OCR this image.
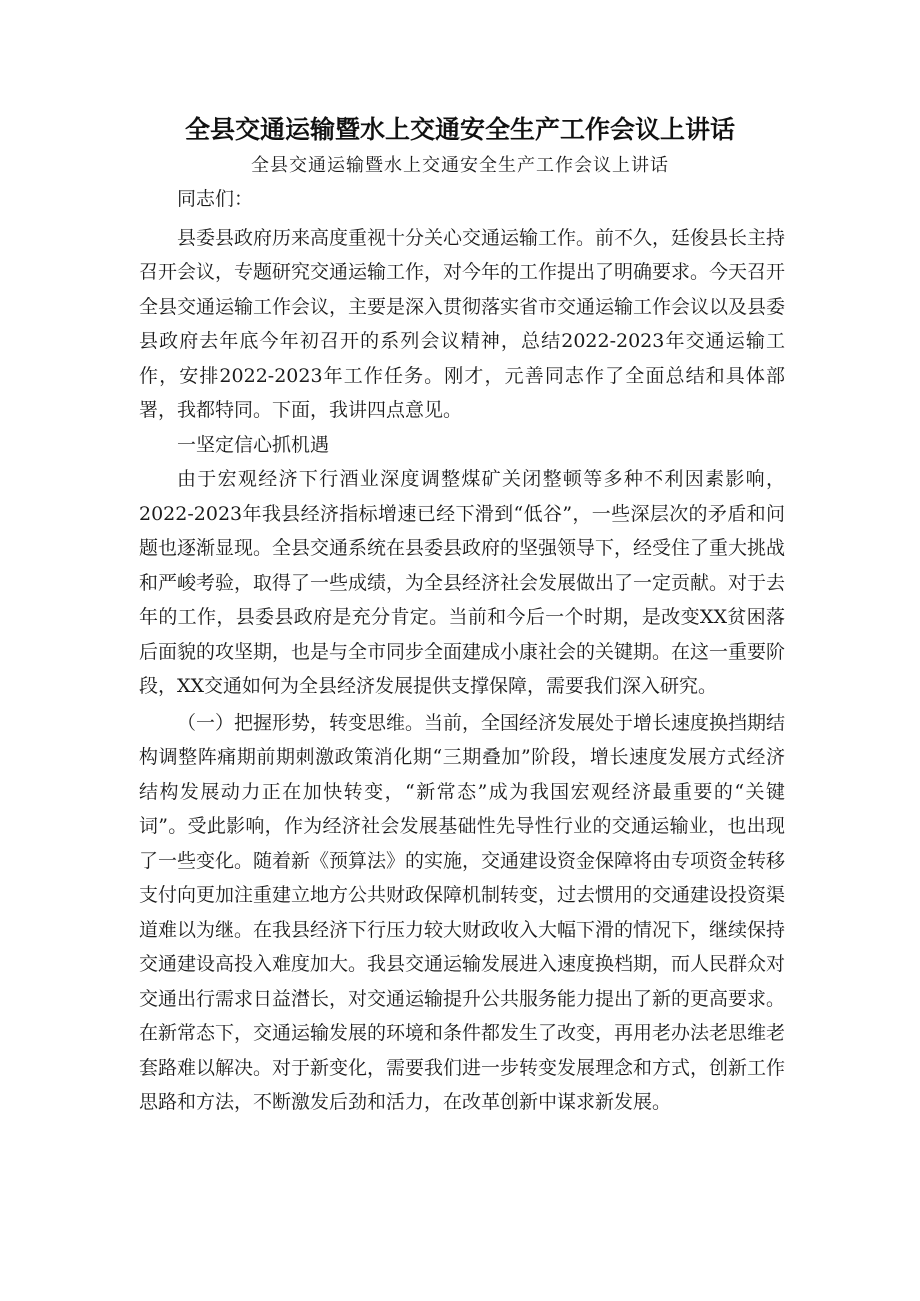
全县交通运输暨水上交通安全生产工作会议上讲话
全县交通运输暨水上交通安全生产工作会议上讲话

同志们：

县委县政府历来高度重视十分关心交通运输工作。前不久，廷俊县长主持召开会议，专题研究交通运输工作，对今年的工作提出了明确要求。今天召开全县交通运输工作会议，主要是深入贯彻落实省市交通运输工作会议以及县委县政府去年底今年初召开的系列会议精神，总结2022-2023年交通运输工作，安排2022-2023年工作任务。刚才，元善同志作了全面总结和具体部署，我都特同。下面，我讲四点意见。

一坚定信心抓机遇

由于宏观经济下行酒业深度调整煤矿关闭整顿等多种不利因素影响，2022-2023年我县经济指标增速已经下滑到“低谷”，一些深层次的矛盾和问题也逐渐显现。全县交通系统在县委县政府的坚强领导下，经受住了重大挑战和严峻考验，取得了一些成绩，为全县经济社会发展做出了一定贡献。对于去年的工作，县委县政府是充分肯定。当前和今后一个时期，是改变XX贫困落后面貌的攻坚期，也是与全市同步全面建成小康社会的关键期。在这一重要阶段，XX交通如何为全县经济发展提供支撑保障，需要我们深入研究。

（一）把握形势，转变思维。当前，全国经济发展处于增长速度换挡期结构调整阵痛期前期刺激政策消化期“三期叠加”阶段，增长速度发展方式经济结构发展动力正在加快转变，“新常态”成为我国宏观经济最重要的“关键词”。受此影响，作为经济社会发展基础性先导性行业的交通运输业，也出现了一些变化。随着新《预算法》的实施，交通建设资金保障将由专项资金转移支付向更加注重建立地方公共财政保障机制转变，过去惯用的交通建设投资渠道难以为继。在我县经济下行压力较大财政收入大幅下滑的情况下，继续保持交通建设高投入难度加大。我县交通运输发展进入速度换档期，而人民群众对交通出行需求日益澘长，对交通运输提升公共服务能力提出了新的更高要求。在新常态下，交通运输发展的环境和条件都发生了改变，再用老办法老思维老套路难以解决。对于新变化，需要我们进一步转变发展理念和方式，创新工作思路和方法，不断激发后劲和活力，在改革创新中谋求新发展。
